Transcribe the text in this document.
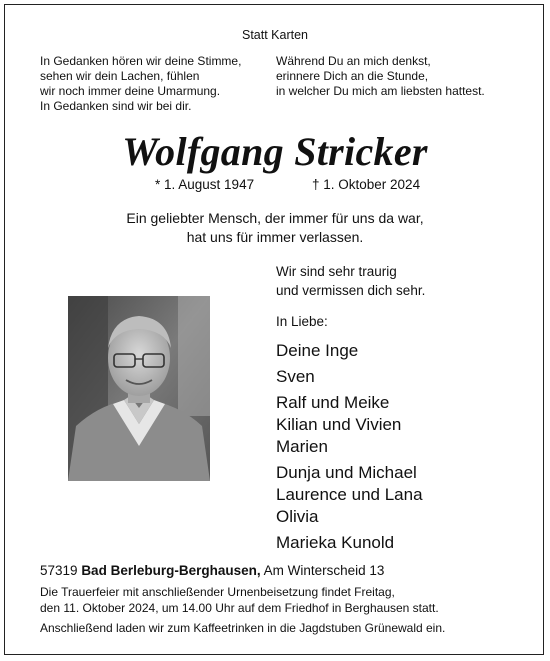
Statt Karten
In Gedanken hören wir deine Stimme,
sehen wir dein Lachen, fühlen
wir noch immer deine Umarmung.
In Gedanken sind wir bei dir.
Während Du an mich denkst,
erinnere Dich an die Stunde,
in welcher Du mich am liebsten hattest.
Wolfgang Stricker
* 1. August 1947	† 1. Oktober 2024
Ein geliebter Mensch, der immer für uns da war,
hat uns für immer verlassen.
Wir sind sehr traurig
und vermissen dich sehr.
In Liebe:
Deine Inge
Sven
Ralf und Meike
Kilian und Vivien
Marien
Dunja und Michael
Laurence und Lana
Olivia
Marieka Kunold
57319 Bad Berleburg-Berghausen, Am Winterscheid 13
Die Trauerfeier mit anschließender Urnenbeisetzung findet Freitag,
den 11. Oktober 2024, um 14.00 Uhr auf dem Friedhof in Berghausen statt.
Anschließend laden wir zum Kaffeetrinken in die Jagdstuben Grünewald ein.
